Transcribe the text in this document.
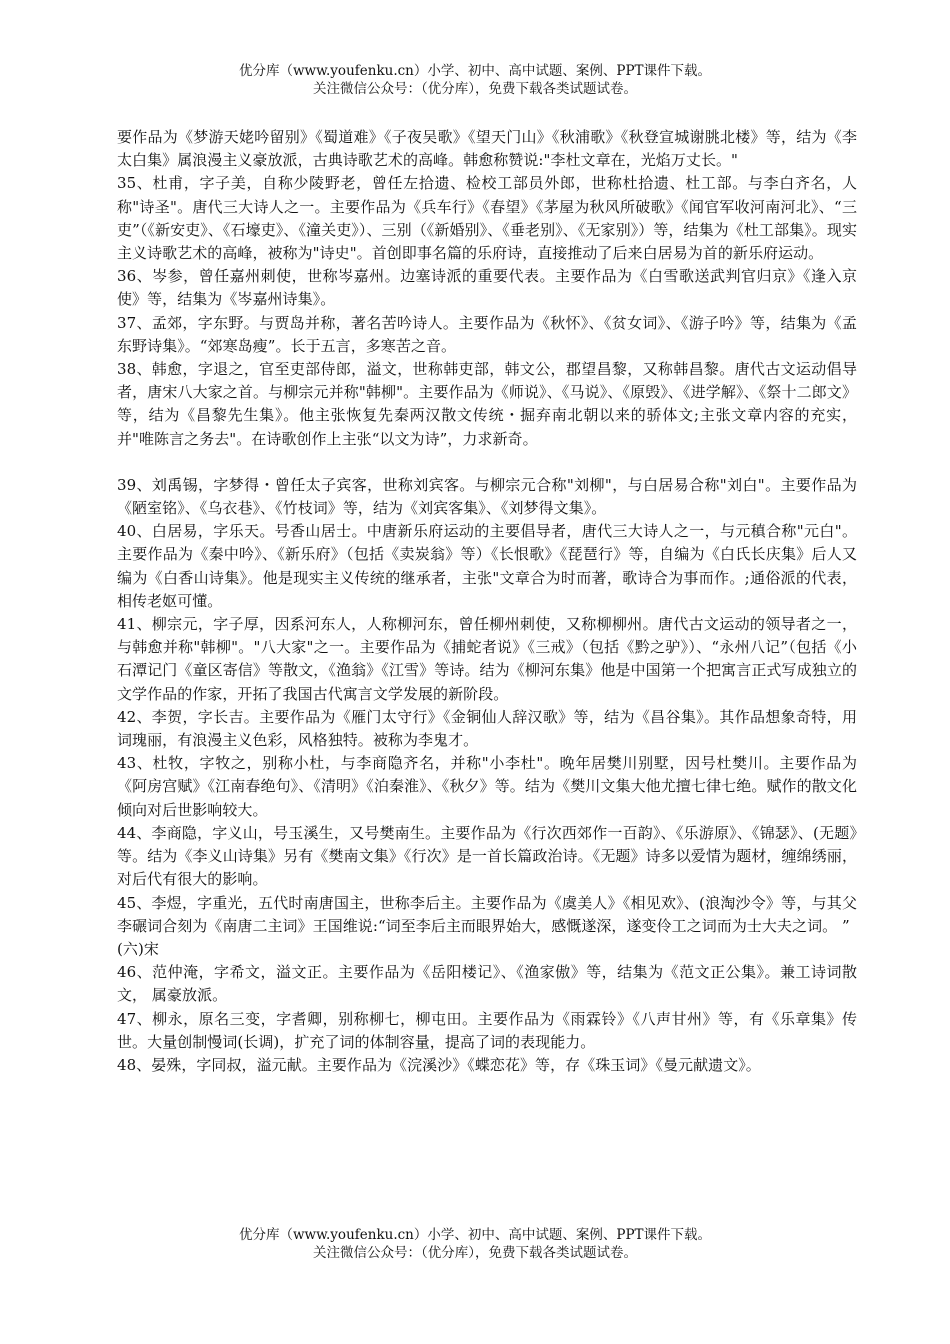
优分库（www.youfenku.cn）小学、初中、高中试题、案例、PPT课件下载。
关注微信公众号：（优分库），免费下载各类试题试卷。

要作品为《梦游天姥吟留别》《蜀道难》《子夜吴歌》《望天门山》《秋浦歌》《秋登宣城谢朓北楼》等，结为《李太白集》属浪漫主义豪放派，古典诗歌艺术的高峰。韩愈称赞说:"李杜文章在，光焰万丈长。"

35、杜甫，字子美，自称少陵野老，曾任左拾遗、检校工部员外郎，世称杜拾遗、杜工部。与李白齐名，人称"诗圣"。唐代三大诗人之一。主要作品为《兵车行》《春望》《茅屋为秋风所破歌》《闻官军收河南河北》、“三吏”（《新安吏》、《石壕吏》、《潼关吏》）、三别（《新婚别》、《垂老别》、《无家别》）等，结集为《杜工部集》。现实主义诗歌艺术的高峰，被称为"诗史"。首创即事名篇的乐府诗，直接推动了后来白居易为首的新乐府运动。

36、岑参，曾任嘉州刺使，世称岑嘉州。边塞诗派的重要代表。主要作品为《白雪歌送武判官归京》《逢入京使》等，结集为《岑嘉州诗集》。

37、孟郊，字东野。与贾岛并称，著名苦吟诗人。主要作品为《秋怀》、《贫女词》、《游子吟》等，结集为《孟东野诗集》。“郊寒岛瘦”。长于五言，多寒苦之音。

38、韩愈，字退之，官至吏部侍郎，溢文，世称韩吏部，韩文公，郡望昌黎，又称韩昌黎。唐代古文运动倡导者，唐宋八大家之首。与柳宗元并称"韩柳"。主要作品为《师说》、《马说》、《原毁》、《进学解》、《祭十二郎文》等，结为《昌黎先生集》。他主张恢复先秦两汉散文传统・掘弃南北朝以来的骄体文;主张文章内容的充实，并"唯陈言之务去"。在诗歌创作上主张“以文为诗”，力求新奇。

39、刘禹锡，字梦得・曾任太子宾客，世称刘宾客。与柳宗元合称"刘柳"，与白居易合称"刘白"。主要作品为《陋室铭》、《乌衣巷》、《竹枝词》等，结为《刘宾客集》、《刘梦得文集》。

40、白居易，字乐天。号香山居士。中唐新乐府运动的主要倡导者，唐代三大诗人之一，与元稹合称"元白"。主要作品为《秦中吟》、《新乐府》（包括《卖炭翁》等）《长恨歌》《琵琶行》等，自编为《白氏长庆集》后人又编为《白香山诗集》。他是现实主义传统的继承者，主张"文章合为时而著，歌诗合为事而作。;通俗派的代表，相传老妪可懂。

41、柳宗元，字子厚，因系河东人，人称柳河东，曾任柳州刺使，又称柳柳州。唐代古文运动的领导者之一，与韩愈并称"韩柳"。"八大家"之一。主要作品为《捕蛇者说》《三戒》（包括《黔之驴》）、“永州八记”（包括《小石潭记门《童区寄信》等散文，《渔翁》《江雪》等诗。结为《柳河东集》他是中国第一个把寓言正式写成独立的文学作品的作家，开拓了我国古代寓言文学发展的新阶段。

42、李贺，字长吉。主要作品为《雁门太守行》《金铜仙人辞汉歌》等，结为《昌谷集》。其作品想象奇特，用词瑰丽，有浪漫主义色彩，风格独特。被称为李鬼才。

43、杜牧，字牧之，别称小杜，与李商隐齐名，并称"小李杜"。晚年居樊川别墅，因号杜樊川。主要作品为《阿房宫赋》《江南春绝句》、《清明》《泊秦淮》、《秋夕》等。结为《樊川文集大他尤擅七律七绝。赋作的散文化倾向对后世影响较大。

44、李商隐，字义山，号玉溪生，又号樊南生。主要作品为《行次西郊作一百韵》、《乐游原》、《锦瑟》、(无题》等。结为《李义山诗集》另有《樊南文集》《行次》是一首长篇政治诗。《无题》诗多以爱情为题材，缠绵绣丽，对后代有很大的影响。

45、李煜，字重光，五代时南唐国主，世称李后主。主要作品为《虞美人》《相见欢》、(浪淘沙令》等，与其父李碾词合刻为《南唐二主词》王国维说:“词至李后主而眼界始大，感慨遂深，遂变伶工之词而为士大夫之词。 ”

(六)宋

46、范仲淹，字希文，溢文正。主要作品为《岳阳楼记》、《渔家傲》等，结集为《范文正公集》。兼工诗词散文， 属豪放派。

47、柳永，原名三变，字耆卿，别称柳七，柳屯田。主要作品为《雨霖铃》《八声甘州》等，有《乐章集》传世。大量创制慢词(长调)，扩充了词的体制容量，提高了词的表现能力。

48、晏殊，字同叔，溢元献。主要作品为《浣溪沙》《蝶恋花》等，存《珠玉词》《曼元献遗文》。

优分库（www.youfenku.cn）小学、初中、高中试题、案例、PPT课件下载。
关注微信公众号：（优分库），免费下载各类试题试卷。
